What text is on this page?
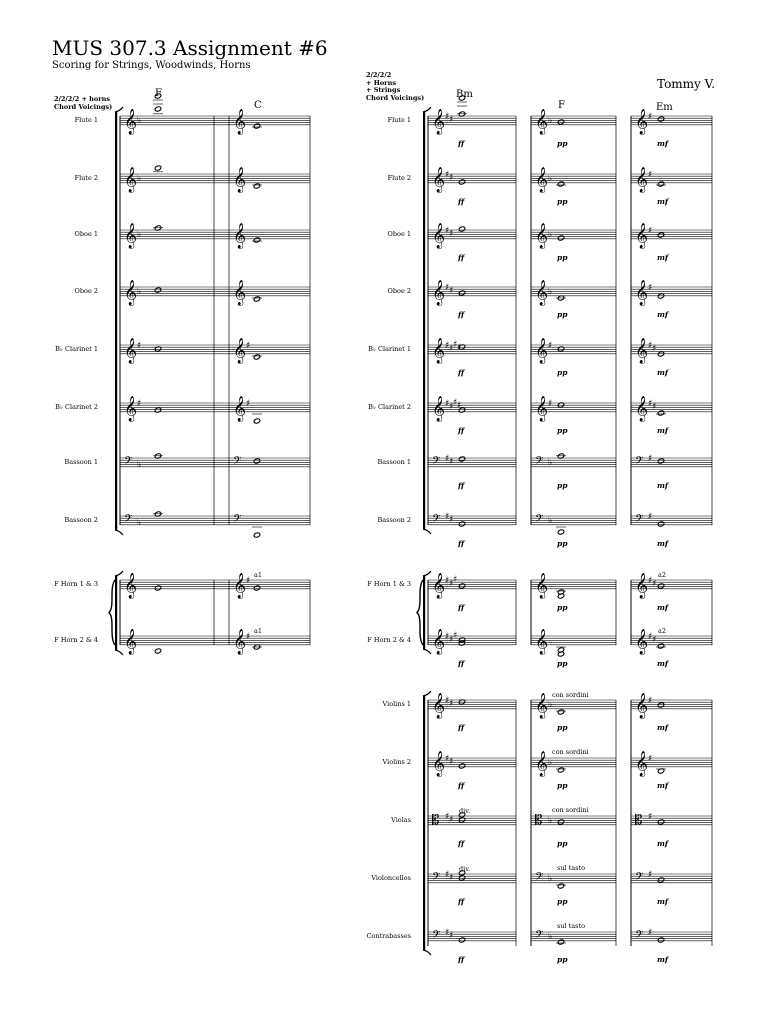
MUS 307.3 Assignment #6
Scoring for Strings, Woodwinds, Horns
Tommy V.
2/2/2/2 + horns
Chord Voicings)
2/2/2/2
+ Horns
+ Strings
Chord Voicings)
Flute 1
Flute 2
Oboe 1
Oboe 2
B♭ Clarinet 1
B♭ Clarinet 2
Bassoon 1
Bassoon 2
F Horn 1 & 3
F Horn 2 & 4
Flute 1
Flute 2
Oboe 1
Oboe 2
B♭ Clarinet 1
B♭ Clarinet 2
Bassoon 1
Bassoon 2
F Horn 1 & 3
F Horn 2 & 4
Violins 1
Violins 2
Violas
Violoncellos
Contrabasses
F
C
a1
a1
ff	pp	mf
ff	pp	mf
ff	pp	mf
ff	pp	mf
ff	pp	mf
ff	pp	mf
ff	pp	mf
ff	pp	mf
ff	pp	mf
ff	pp	mf
ff	pp	mf
ff	pp	mf
ff	pp	mf
ff	pp	mf
ff	pp	mf
Bm
F	Em
a2
a2
con sordini
con sordini
con sordini
div.
div.	sul tasto
sul tasto
𝄞	𝄞
♭
𝄞	𝄞
♭
𝄞	𝄞
♭
𝄞	𝄞
♭
𝄞	𝄞
♯	♯
𝄞	𝄞
♯	♯
𝄢	𝄢
♭
𝄢	𝄢
♭
𝄞	𝄞 ♯
𝄞	𝄞 ♯
𝄞 ♯ ♯	𝄞 ♭	𝄞 ♯
𝄞 ♯ ♯	𝄞 ♭	𝄞 ♯
𝄞 ♯ ♯	𝄞 ♭	𝄞 ♯
𝄞 ♯ ♯	𝄞 ♭	𝄞 ♯
𝄞 ♯ ♯ ♯ ♯	𝄞 ♯	𝄞 ♯ ♯
𝄞 ♯ ♯ ♯ ♯	𝄞 ♯	𝄞 ♯ ♯
𝄢 ♯ ♯	𝄢 ♭	𝄢 ♯
𝄢 ♯ ♯	𝄢 ♭	𝄢 ♯
𝄞 ♯ ♯ ♯	𝄞	𝄞 ♯ ♯
𝄞 ♯ ♯ ♯	𝄞	𝄞 ♯ ♯
𝄞 ♯ ♯	𝄞 ♭	𝄞 ♯
𝄞 ♯ ♯	𝄞 ♭	𝄞 ♯
𝄡 ♯ ♯	𝄡 ♭	𝄡 ♯
𝄢 ♯ ♯	𝄢 ♭	𝄢 ♯
𝄢 ♯ ♯	𝄢 ♭	𝄢 ♯
